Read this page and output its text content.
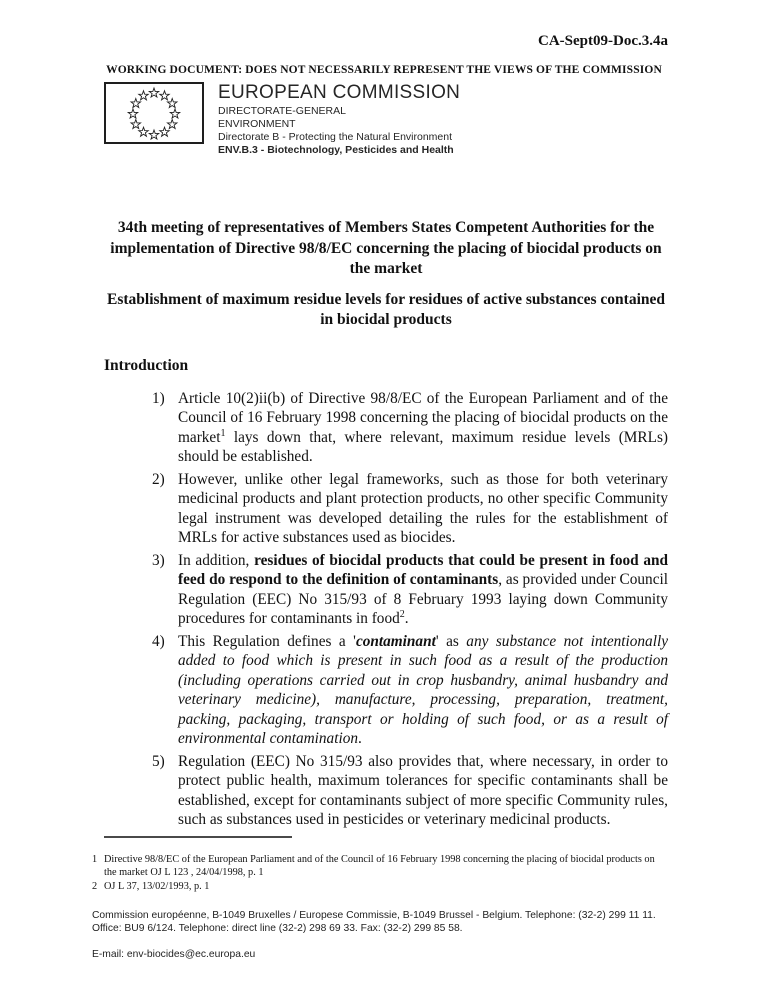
CA-Sept09-Doc.3.4a
WORKING DOCUMENT: DOES NOT NECESSARILY REPRESENT THE VIEWS OF THE COMMISSION
EUROPEAN COMMISSION
DIRECTORATE-GENERAL
ENVIRONMENT
Directorate B - Protecting the Natural Environment
ENV.B.3 - Biotechnology, Pesticides and Health
34th meeting of representatives of Members States Competent Authorities for the implementation of Directive 98/8/EC concerning the placing of biocidal products on the market
Establishment of maximum residue levels for residues of active substances contained in biocidal products
Introduction
1) Article 10(2)ii(b) of Directive 98/8/EC of the European Parliament and of the Council of 16 February 1998 concerning the placing of biocidal products on the market$^1$ lays down that, where relevant, maximum residue levels (MRLs) should be established.
2) However, unlike other legal frameworks, such as those for both veterinary medicinal products and plant protection products, no other specific Community legal instrument was developed detailing the rules for the establishment of MRLs for active substances used as biocides.
3) In addition, residues of biocidal products that could be present in food and feed do respond to the definition of contaminants, as provided under Council Regulation (EEC) No 315/93 of 8 February 1993 laying down Community procedures for contaminants in food$^2$.
4) This Regulation defines a 'contaminant' as any substance not intentionally added to food which is present in such food as a result of the production (including operations carried out in crop husbandry, animal husbandry and veterinary medicine), manufacture, processing, preparation, treatment, packing, packaging, transport or holding of such food, or as a result of environmental contamination.
5) Regulation (EEC) No 315/93 also provides that, where necessary, in order to protect public health, maximum tolerances for specific contaminants shall be established, except for contaminants subject of more specific Community rules, such as substances used in pesticides or veterinary medicinal products.
1 Directive 98/8/EC of the European Parliament and of the Council of 16 February 1998 concerning the placing of biocidal products on the market OJ L 123 , 24/04/1998, p. 1
2 OJ L 37, 13/02/1993, p. 1
Commission européenne, B-1049 Bruxelles / Europese Commissie, B-1049 Brussel - Belgium. Telephone: (32-2) 299 11 11.
Office: BU9 6/124. Telephone: direct line (32-2) 298 69 33. Fax: (32-2) 299 85 58.
E-mail: env-biocides@ec.europa.eu
